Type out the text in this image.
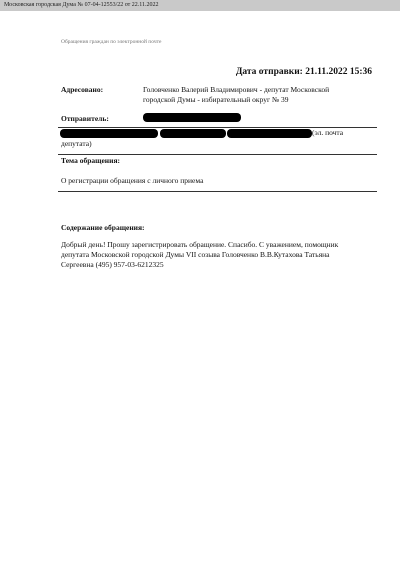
Московская городская Дума № 07-04-12553/22 от 22.11.2022
Обращения граждан по электронной почте
Дата отправки: 21.11.2022 15:36
Адресовано:	Головченко Валерий Владимирович - депутат Московской
городской Думы - избирательный округ № 39
Отправитель:
(эл. почта
депутата)
Тема обращения:
О регистрации обращения с личного приема
Содержание обращения:
Добрый день! Прошу зарегистрировать обращение. Спасибо. С уважением, помощник
депутата Московской городской Думы VII созыва Головченко В.В.Кутахова Татьяна
Сергеевна (495) 957-03-6212325
